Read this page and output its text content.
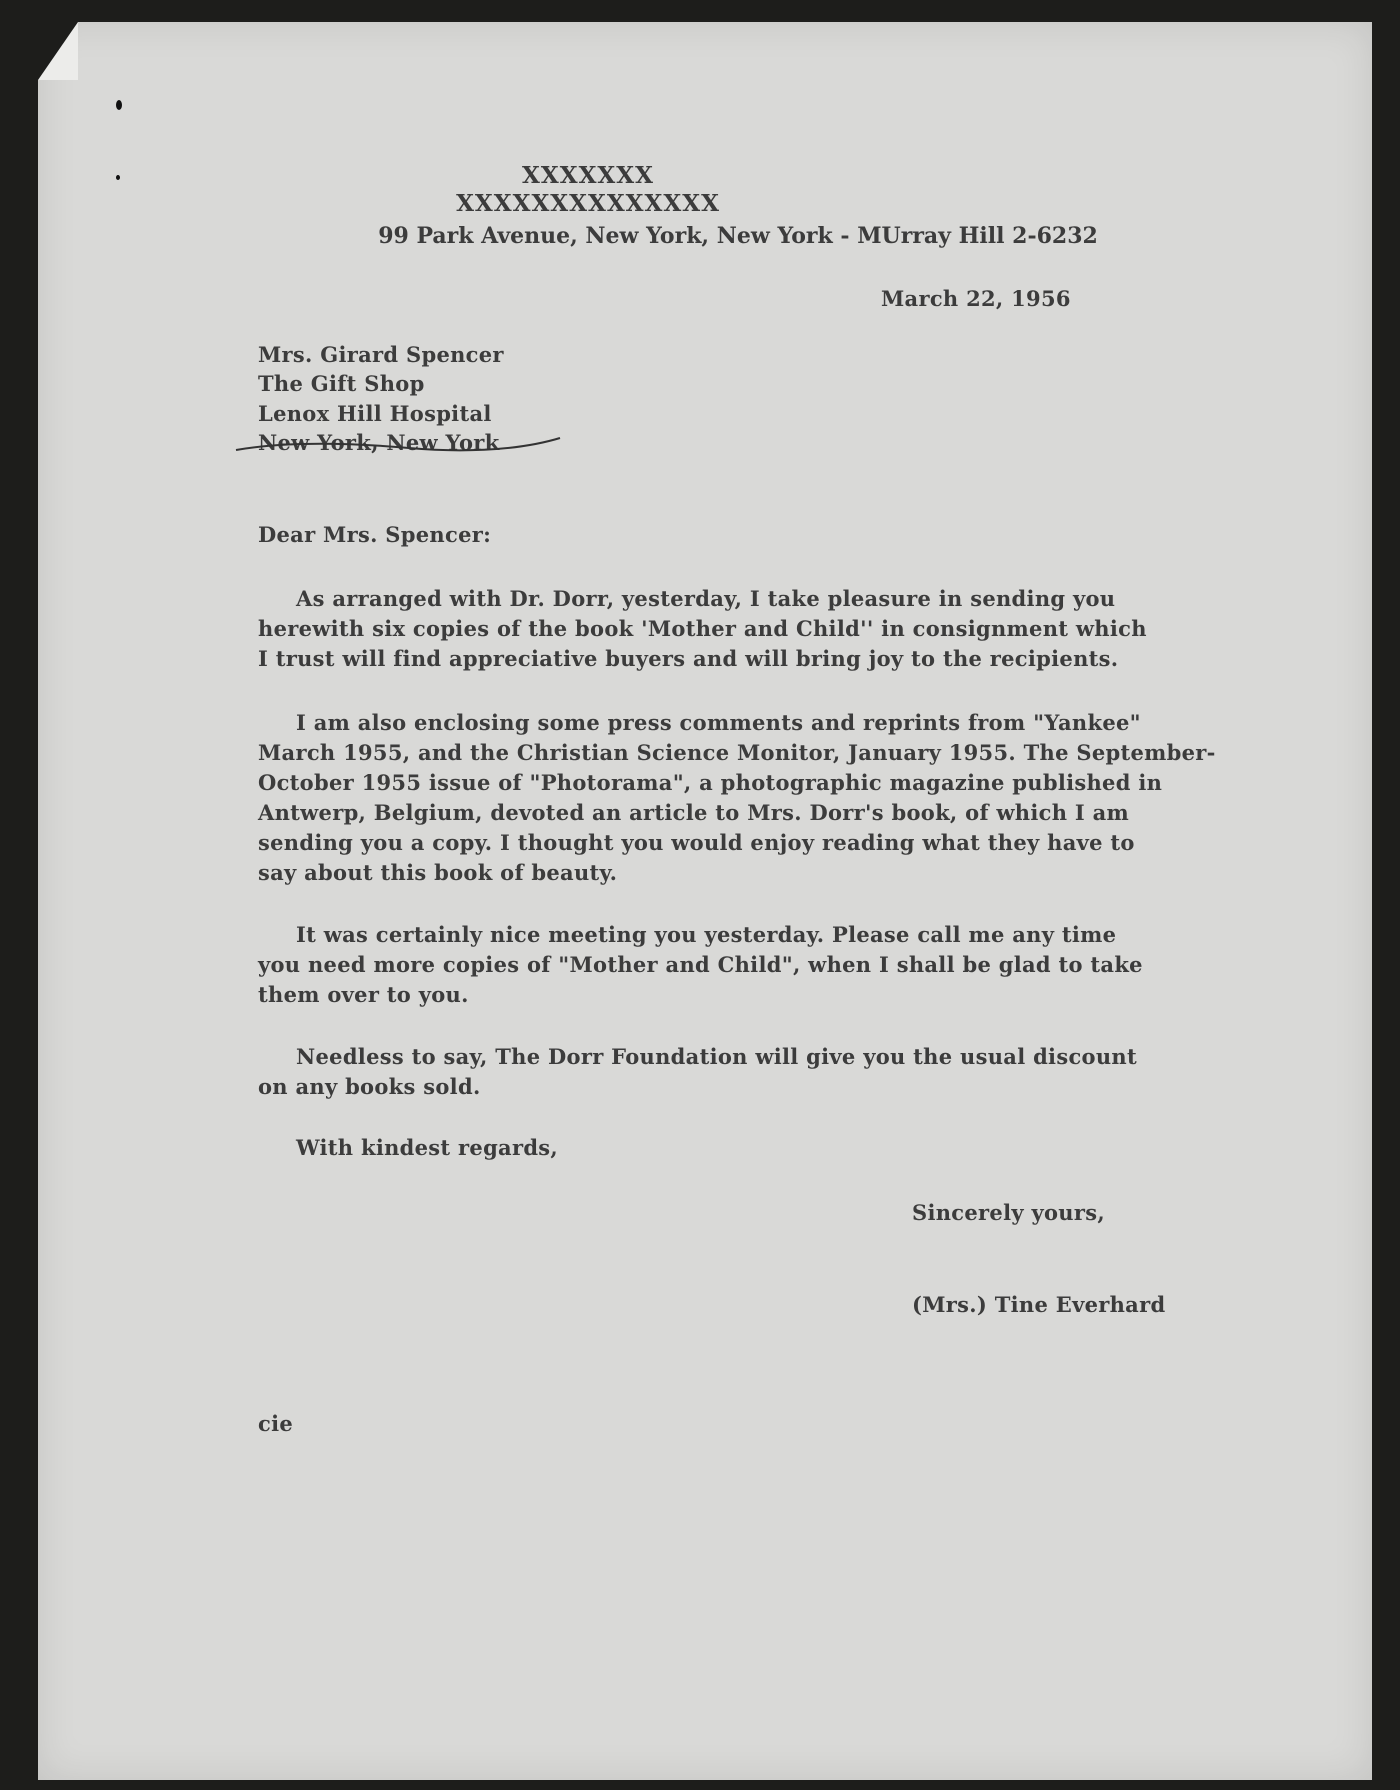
XXXXXXX
XXXXXXXXXXXXXX
99 Park Avenue, New York, New York - MUrray Hill 2-6232
March 22, 1956
Mrs. Girard Spencer
The Gift Shop
Lenox Hill Hospital
New York, New York
Dear Mrs. Spencer:
As arranged with Dr. Dorr, yesterday, I take pleasure in sending you
herewith six copies of the book 'Mother and Child'' in consignment which
I trust will find appreciative buyers and will bring joy to the recipients.
I am also enclosing some press comments and reprints from "Yankee"
March 1955, and the Christian Science Monitor, January 1955. The September-
October 1955 issue of "Photorama", a photographic magazine published in
Antwerp, Belgium, devoted an article to Mrs. Dorr's book, of which I am
sending you a copy. I thought you would enjoy reading what they have to
say about this book of beauty.
It was certainly nice meeting you yesterday. Please call me any time
you need more copies of "Mother and Child", when I shall be glad to take
them over to you.
Needless to say, The Dorr Foundation will give you the usual discount
on any books sold.
With kindest regards,
Sincerely yours,
(Mrs.) Tine Everhard
cie
